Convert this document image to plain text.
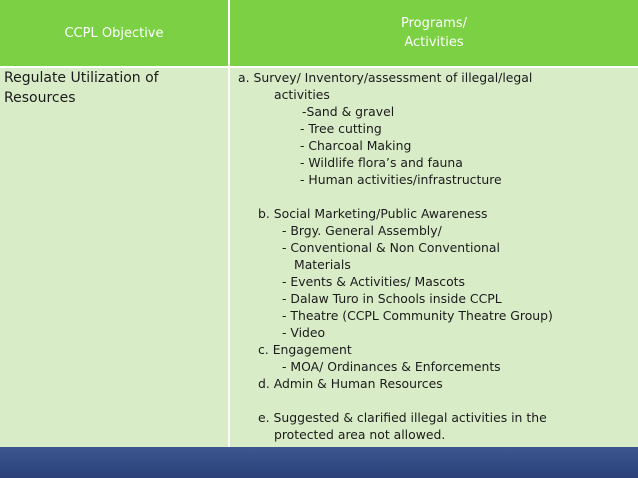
CCPL Objective
Programs/
Activities
Regulate Utilization of
Resources
a. Survey/ Inventory/assessment of illegal/legal
activities
-Sand & gravel
- Tree cutting
- Charcoal Making
- Wildlife flora’s and fauna
- Human activities/infrastructure
b. Social Marketing/Public Awareness
- Brgy. General Assembly/
- Conventional & Non Conventional
Materials
- Events & Activities/ Mascots
- Dalaw Turo in Schools inside CCPL
- Theatre (CCPL Community Theatre Group)
- Video
c. Engagement
- MOA/ Ordinances & Enforcements
d. Admin & Human Resources
e. Suggested & clarified illegal activities in the
protected area not allowed.
